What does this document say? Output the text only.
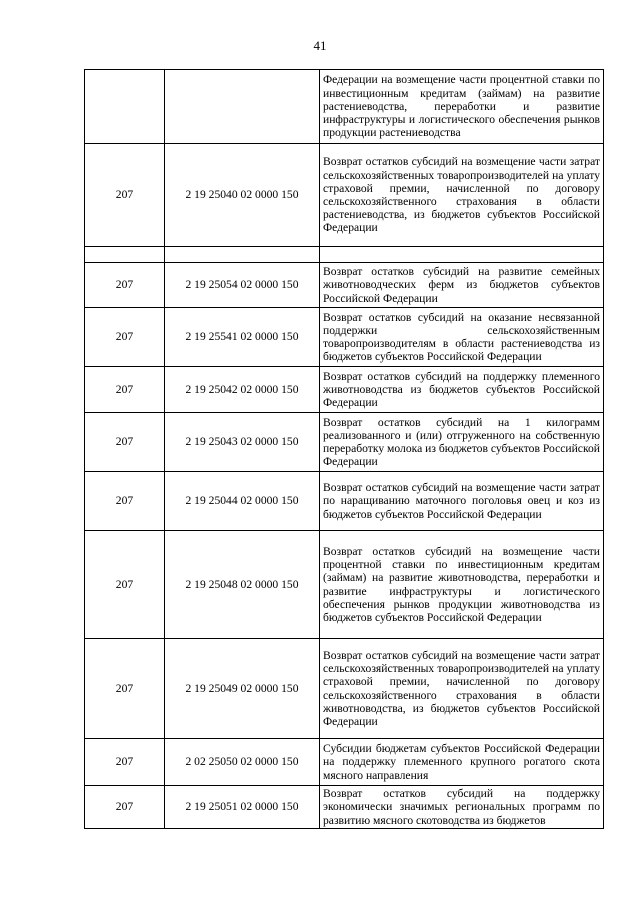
41
		Федерации на возмещение части процентной ставки по инвестиционным кредитам (займам) на развитие растениеводства, переработки и развитие инфраструктуры и логистического обеспечения рынков продукции растениеводства
207	2 19 25040 02 0000 150	Возврат остатков субсидий на возмещение части затрат сельскохозяйственных товаропроизводителей на уплату страховой премии, начисленной по договору сельскохозяйственного страхования в области растениеводства, из бюджетов субъектов Российской Федерации

207	2 19 25054 02 0000 150	Возврат остатков субсидий на развитие семейных животноводческих ферм из бюджетов субъектов Российской Федерации
207	2 19 25541 02 0000 150	Возврат остатков субсидий на оказание несвязанной поддержки сельскохозяйственным товаропроизводителям в области растениеводства из бюджетов субъектов Российской Федерации
207	2 19 25042 02 0000 150	Возврат остатков субсидий на поддержку племенного животноводства из бюджетов субъектов Российской Федерации
207	2 19 25043 02 0000 150	Возврат остатков субсидий на 1 килограмм реализованного и (или) отгруженного на собственную переработку молока из бюджетов субъектов Российской Федерации
207	2 19 25044 02 0000 150	Возврат остатков субсидий на возмещение части затрат по наращиванию маточного поголовья овец и коз из бюджетов субъектов Российской Федерации
207	2 19 25048 02 0000 150	Возврат остатков субсидий на возмещение части процентной ставки по инвестиционным кредитам (займам) на развитие животноводства, переработки и развитие инфраструктуры и логистического обеспечения рынков продукции животноводства из бюджетов субъектов Российской Федерации
207	2 19 25049 02 0000 150	Возврат остатков субсидий на возмещение части затрат сельскохозяйственных товаропроизводителей на уплату страховой премии, начисленной по договору сельскохозяйственного страхования в области животноводства, из бюджетов субъектов Российской Федерации
207	2 02 25050 02 0000 150	Субсидии бюджетам субъектов Российской Федерации на поддержку племенного крупного рогатого скота мясного направления
207	2 19 25051 02 0000 150	Возврат остатков субсидий на поддержку экономически значимых региональных программ по развитию мясного скотоводства из бюджетов
